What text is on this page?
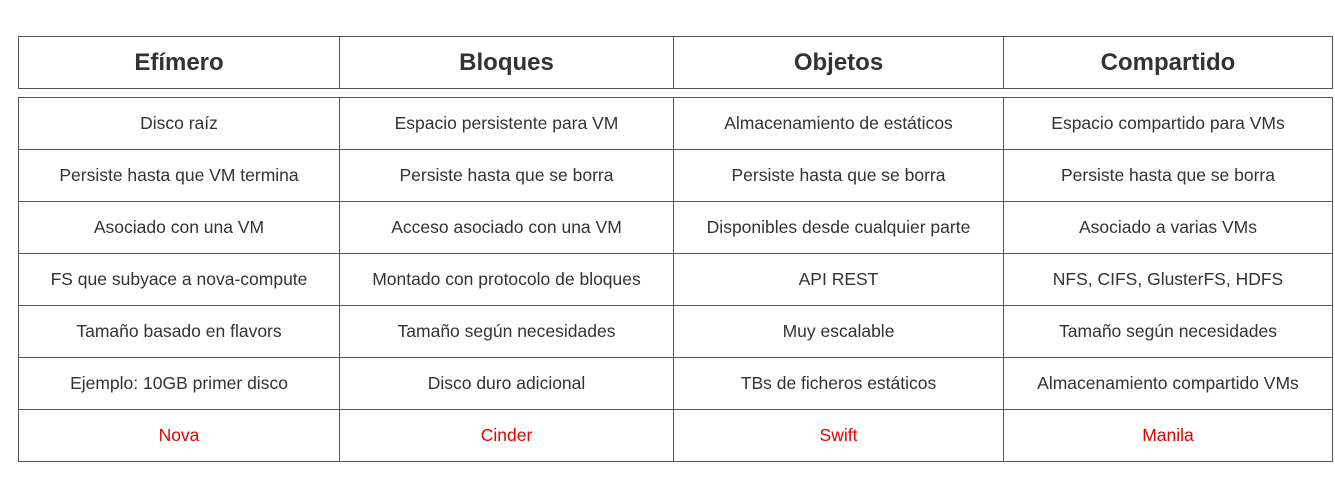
Efímero	Bloques	Objetos	Compartido
Disco raíz	Espacio persistente para VM	Almacenamiento de estáticos	Espacio compartido para VMs
Persiste hasta que VM termina	Persiste hasta que se borra	Persiste hasta que se borra	Persiste hasta que se borra
Asociado con una VM	Acceso asociado con una VM	Disponibles desde cualquier parte	Asociado a varias VMs
FS que subyace a nova-compute	Montado con protocolo de bloques	API REST	NFS, CIFS, GlusterFS, HDFS
Tamaño basado en flavors	Tamaño según necesidades	Muy escalable	Tamaño según necesidades
Ejemplo: 10GB primer disco	Disco duro adicional	TBs de ficheros estáticos	Almacenamiento compartido VMs
Nova	Cinder	Swift	Manila
